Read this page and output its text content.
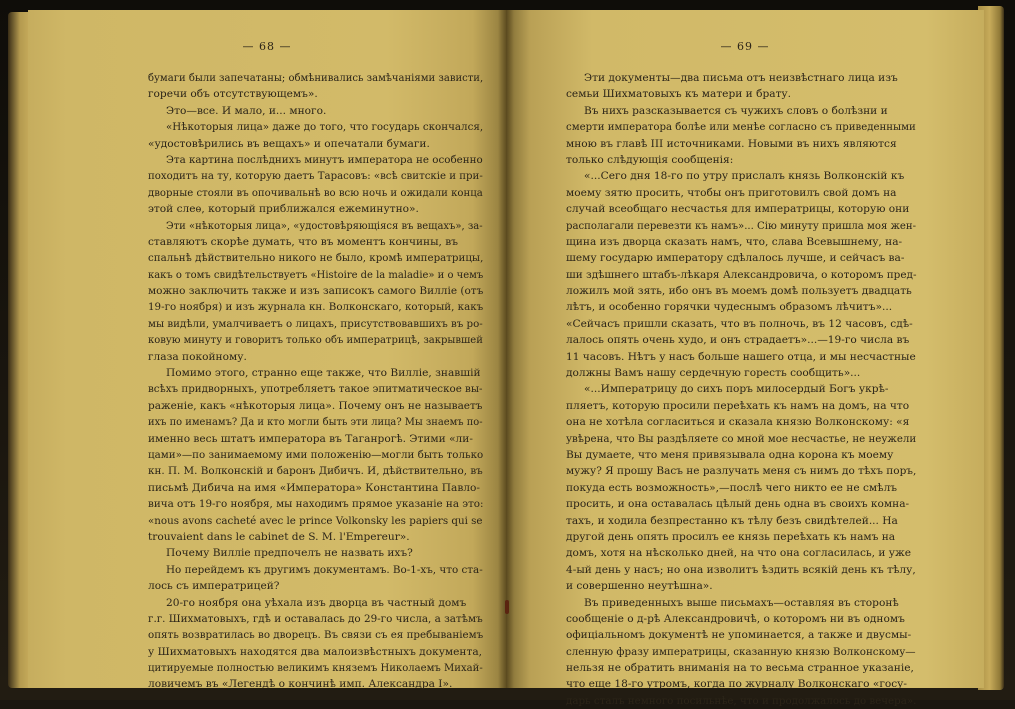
— 68 —
бумаги были запечатаны; обмѣнивались замѣчаніями зависти,
горечи объ отсутствующемъ».
Это—все. И мало, и... много.
«Нѣкоторыя лица» даже до того, что государь скончался,
«удостовѣрились въ вещахъ» и опечатали бумаги.
Эта картина послѣднихъ минутъ императора не особенно
походитъ на ту, которую даетъ Тарасовъ: «всѣ свитскіе и при-
дворные стояли въ опочивальнѣ во всю ночь и ожидали конца
этой слеѳ, который приближался ежеминутно».
Эти «нѣкоторыя лица», «удостовѣряющіяся въ вещахъ», за-
ставляютъ скорѣе думать, что въ моментъ кончины, въ
спальнѣ дѣйствительно никого не было, кромѣ императрицы,
какъ о томъ свидѣтельствуетъ «Histoire de la maladie» и о чемъ
можно заключить также и изъ записокъ самого Вилліе (отъ
19-го ноября) и изъ журнала кн. Волконскаго, который, какъ
мы видѣли, умалчиваетъ о лицахъ, присутствовавшихъ въ ро-
ковую минуту и говоритъ только объ императрицѣ, закрывшей
глаза покойному.
Помимо этого, странно еще также, что Вилліе, знавшій
всѣхъ придворныхъ, употребляетъ такое эпитматическое вы-
раженіе, какъ «нѣкоторыя лица». Почему онъ не называетъ
ихъ по именамъ? Да и кто могли быть эти лица? Мы знаемъ по-
именно весь штатъ императора въ Таганрогѣ. Этими «ли-
цами»—по занимаемому ими положенію—могли быть только
кн. П. М. Волконскій и баронъ Дибичъ. И, дѣйствительно, въ
письмѣ Дибича на имя «Императора» Константина Павло-
вича отъ 19-го ноября, мы находимъ прямое указаніе на это:
«nous avons cacheté avec le prince Volkonsky les papiers qui se
trouvaient dans le cabinet de S. M. l'Empereur».
Почему Вилліе предпочелъ не назвать ихъ?
Но перейдемъ къ другимъ документамъ. Во-1-хъ, что ста-
лось съ императрицей?
20-го ноября она уѣхала изъ дворца въ частный домъ
г.г. Шихматовыхъ, гдѣ и оставалась до 29-го числа, а затѣмъ
опять возвратилась во дворецъ. Въ связи съ ея пребываніемъ
у Шихматовыхъ находятся два малоизвѣстныхъ документа,
цитируемые полностью великимъ княземъ Николаемъ Михай-
ловичемъ въ «Легендѣ о кончинѣ имп. Александра I».
— 69 —
Эти документы—два письма отъ неизвѣстнаго лица изъ
семьи Шихматовыхъ къ матери и брату.
Въ нихъ разсказывается съ чужихъ словъ о болѣзни и
смерти императора болѣе или менѣе согласно съ приведенными
мною въ главѣ III источниками. Новыми въ нихъ являются
только слѣдующія сообщенія:
«...Сего дня 18-го по утру прислалъ князь Волконскій къ
моему зятю просить, чтобы онъ приготовилъ свой домъ на
случай всеобщаго несчастья для императрицы, которую они
располагали перевезти къ намъ»... Сію минуту пришла моя жен-
щина изъ дворца сказать намъ, что, слава Всевышнему, на-
шему государю императору сдѣлалось лучше, и сейчасъ ва-
ши здѣшнего штабъ-лѣкаря Александровича, о которомъ пред-
ложилъ мой зять, ибо онъ въ моемъ домѣ пользуетъ двадцать
лѣтъ, и особенно горячки чудеснымъ образомъ лѣчитъ»...
«Сейчасъ пришли сказать, что въ полночь, въ 12 часовъ, сдѣ-
лалось опять очень худо, и онъ страдаетъ»...—19-го числа въ
11 часовъ. Нѣтъ у насъ больше нашего отца, и мы несчастные
должны Вамъ нашу сердечную горесть сообщить»...
«...Императрицу до сихъ поръ милосердый Богъ укрѣ-
пляетъ, которую просили переѣхать къ намъ на домъ, на что
она не хотѣла согласиться и сказала князю Волконскому: «я
увѣрена, что Вы раздѣляете со мной мое несчастье, не неужели
Вы думаете, что меня привязывала одна корона къ моему
мужу? Я прошу Васъ не разлучать меня съ нимъ до тѣхъ поръ,
покуда есть возможность»,—послѣ чего никто ее не смѣлъ
просить, и она оставалась цѣлый день одна въ своихъ комна-
тахъ, и ходила безпрестанно къ тѣлу безъ свидѣтелей... На
другой день опять просилъ ее князь переѣхать къ намъ на
домъ, хотя на нѣсколько дней, на что она согласилась, и уже
4-ый день у насъ; но она изволитъ ѣздить всякій день къ тѣлу,
и совершенно неутѣшна».
Въ приведенныхъ выше письмахъ—оставляя въ сторонѣ
сообщеніе о д-рѣ Александровичѣ, о которомъ ни въ одномъ
офиціальномъ документѣ не упоминается, а также и двусмы-
сленную фразу императрицы, сказанную князю Волконскому—
нельзя не обратить вниманія на то весьма странное указаніе,
что еще 18-го утромъ, когда по журналу Волконскаго «госу-
дарь сталъ немного посильнѣе, что и продолжалось до вечера».
